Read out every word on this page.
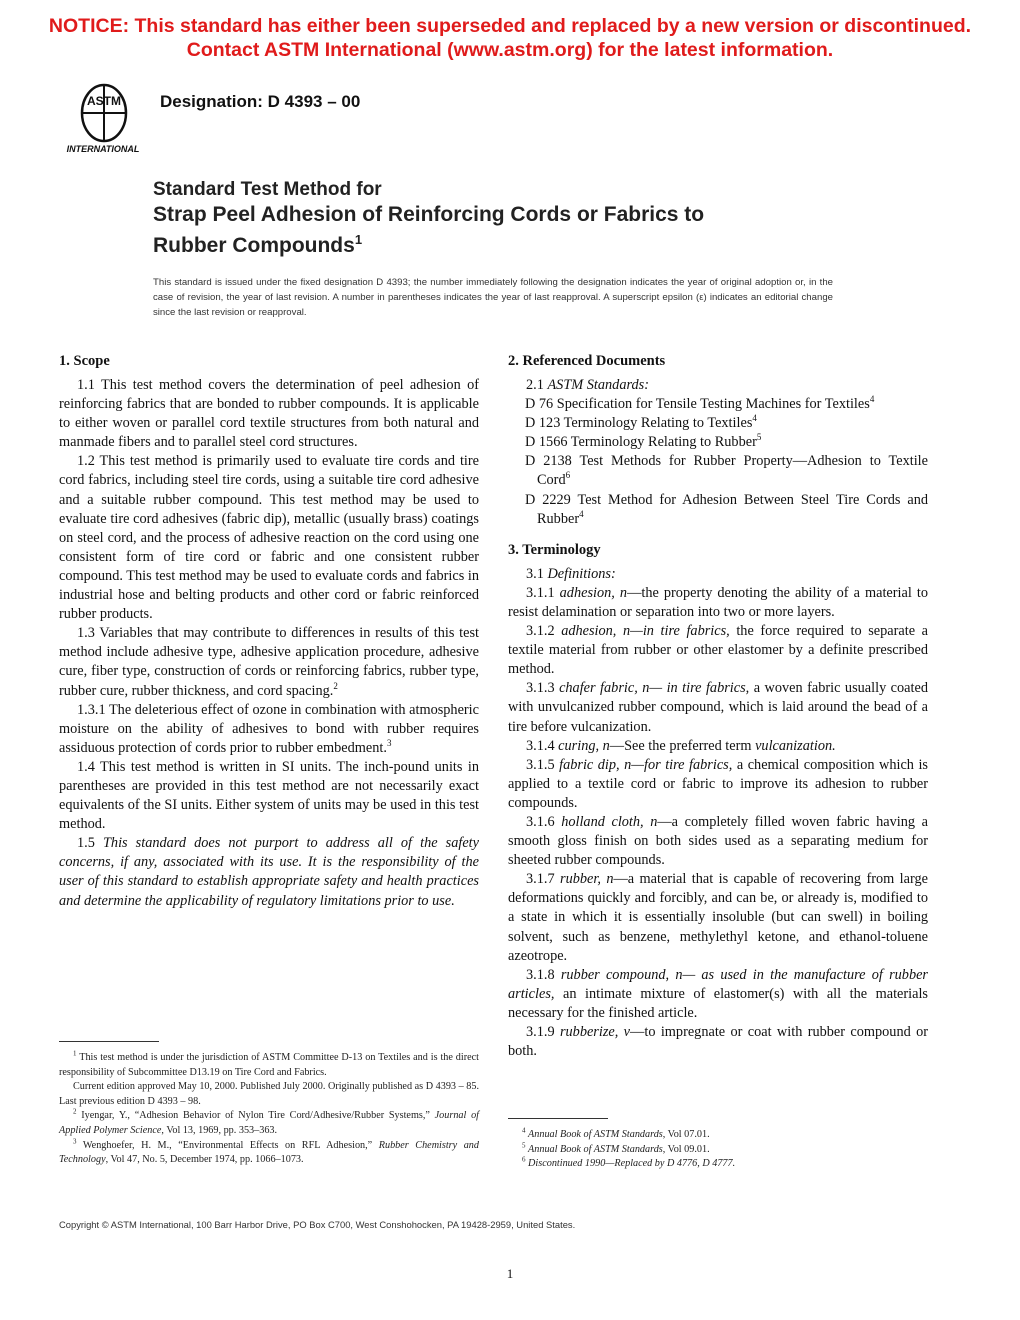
NOTICE: This standard has either been superseded and replaced by a new version or discontinued.
Contact ASTM International (www.astm.org) for the latest information.
ASTM
INTERNATIONAL
Designation: D 4393 – 00
Standard Test Method for
Strap Peel Adhesion of Reinforcing Cords or Fabrics to
Rubber Compounds$^1$
This standard is issued under the fixed designation D 4393; the number immediately following the designation indicates the year of original adoption or, in the case of revision, the year of last revision. A number in parentheses indicates the year of last reapproval. A superscript epsilon (ε) indicates an editorial change since the last revision or reapproval.
1. Scope

1.1 This test method covers the determination of peel adhesion of reinforcing fabrics that are bonded to rubber compounds. It is applicable to either woven or parallel cord textile structures from both natural and manmade fibers and to parallel steel cord structures.

1.2 This test method is primarily used to evaluate tire cords and tire cord fabrics, including steel tire cords, using a suitable tire cord adhesive and a suitable rubber compound. This test method may be used to evaluate tire cord adhesives (fabric dip), metallic (usually brass) coatings on steel cord, and the process of adhesive reaction on the cord using one consistent form of tire cord or fabric and one consistent rubber compound. This test method may be used to evaluate cords and fabrics in industrial hose and belting products and other cord or fabric reinforced rubber products.

1.3 Variables that may contribute to differences in results of this test method include adhesive type, adhesive application procedure, adhesive cure, fiber type, construction of cords or reinforcing fabrics, rubber type, rubber cure, rubber thickness, and cord spacing.$^2$

1.3.1 The deleterious effect of ozone in combination with atmospheric moisture on the ability of adhesives to bond with rubber requires assiduous protection of cords prior to rubber embedment.$^3$

1.4 This test method is written in SI units. The inch-pound units in parentheses are provided in this test method are not necessarily exact equivalents of the SI units. Either system of units may be used in this test method.

1.5 This standard does not purport to address all of the safety concerns, if any, associated with its use. It is the responsibility of the user of this standard to establish appropriate safety and health practices and determine the applicability of regulatory limitations prior to use.

$^1$ This test method is under the jurisdiction of ASTM Committee D-13 on Textiles and is the direct responsibility of Subcommittee D13.19 on Tire Cord and Fabrics.

Current edition approved May 10, 2000. Published July 2000. Originally published as D 4393 – 85. Last previous edition D 4393 – 98.

$^2$ Iyengar, Y., “Adhesion Behavior of Nylon Tire Cord/Adhesive/Rubber Systems,” Journal of Applied Polymer Science, Vol 13, 1969, pp. 353–363.

$^3$ Wenghoefer, H. M., “Environmental Effects on RFL Adhesion,” Rubber Chemistry and Technology, Vol 47, No. 5, December 1974, pp. 1066–1073.

2. Referenced Documents

2.1 ASTM Standards:

D 76 Specification for Tensile Testing Machines for Textiles$^4$

D 123 Terminology Relating to Textiles$^4$

D 1566 Terminology Relating to Rubber$^5$

D 2138 Test Methods for Rubber Property—Adhesion to Textile Cord$^6$

D 2229 Test Method for Adhesion Between Steel Tire Cords and Rubber$^4$

3. Terminology

3.1 Definitions:

3.1.1 adhesion, n—the property denoting the ability of a material to resist delamination or separation into two or more layers.

3.1.2 adhesion, n—in tire fabrics, the force required to separate a textile material from rubber or other elastomer by a definite prescribed method.

3.1.3 chafer fabric, n— in tire fabrics, a woven fabric usually coated with unvulcanized rubber compound, which is laid around the bead of a tire before vulcanization.

3.1.4 curing, n—See the preferred term vulcanization.

3.1.5 fabric dip, n—for tire fabrics, a chemical composition which is applied to a textile cord or fabric to improve its adhesion to rubber compounds.

3.1.6 holland cloth, n—a completely filled woven fabric having a smooth gloss finish on both sides used as a separating medium for sheeted rubber compounds.

3.1.7 rubber, n—a material that is capable of recovering from large deformations quickly and forcibly, and can be, or already is, modified to a state in which it is essentially insoluble (but can swell) in boiling solvent, such as benzene, methylethyl ketone, and ethanol-toluene azeotrope.

3.1.8 rubber compound, n— as used in the manufacture of rubber articles, an intimate mixture of elastomer(s) with all the materials necessary for the finished article.

3.1.9 rubberize, v—to impregnate or coat with rubber compound or both.

$^4$ Annual Book of ASTM Standards, Vol 07.01.

$^5$ Annual Book of ASTM Standards, Vol 09.01.

$^6$ Discontinued 1990—Replaced by D 4776, D 4777.

Copyright © ASTM International, 100 Barr Harbor Drive, PO Box C700, West Conshohocken, PA 19428-2959, United States.
1
